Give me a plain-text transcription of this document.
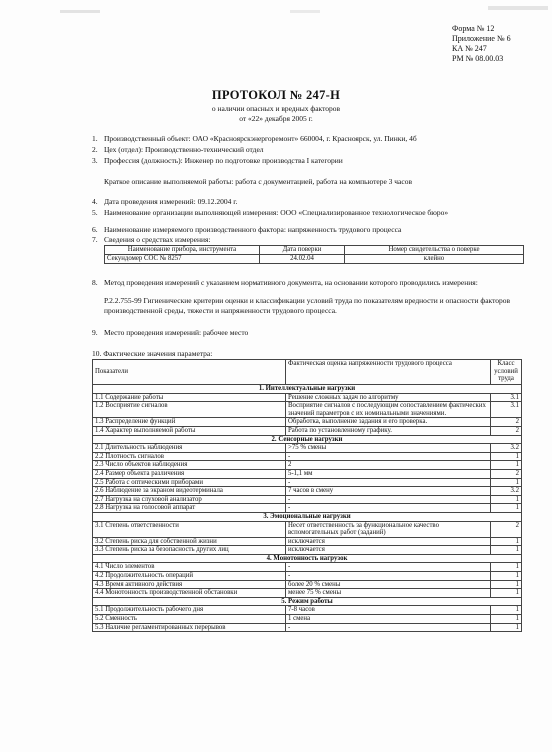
Форма № 12
Приложение № 6
КА № 247
РМ № 08.00.03
ПРОТОКОЛ № 247-Н
о наличии опасных и вредных факторов
от «22» декабря 2005 г.
1. Производственный объект: ОАО «Красноярскэнергоремонт» 660004, г. Красноярск, ул. Пинки, 4б
2. Цех (отдел): Производственно-технический отдел
3. Профессия (должность): Инженер по подготовке производства I категории
Краткое описание выполняемой работы: работа с документацией, работа на компьютере 3 часов
4. Дата проведения измерений: 09.12.2004 г.
5. Наименование организации выполняющей измерения: ООО «Специализированное технологическое бюро»
6. Наименование измеряемого производственного фактора: напряженность трудового процесса
7. Сведения о средствах измерения:
Наименование прибора, инструмента	Дата поверки	Номер свидетельства о поверке
Секундомер СОС № 8257	24.02.04	клейно
8. Метод проведения измерений с указанием нормативного документа, на основании которого проводились измерения:
Р.2.2.755-99 Гигиенические критерии оценки и классификации условий труда по показателям вредности и опасности факторов производственной среды, тяжести и напряженности трудового процесса.
9. Место проведения измерений: рабочее место
10. Фактические значения параметра:
Показатели	Фактическая оценка напряженности трудового процесса	Класс условий труда
1. Интеллектуальные нагрузки		
1.1 Содержание работы	Решение сложных задач по алгоритму	3.1
1.2 Восприятие сигналов	Восприятие сигналов с последующим сопоставлением фактических значений параметров с их номинальными значениями.	3.1
1.3 Распределение функций	Обработка, выполнение задания и его проверка.	2
1.4 Характер выполняемой работы	Работа по установленному графику.	2
2. Сенсорные нагрузки		
2.1 Длительность наблюдения	>75 % смены	3.2
2.2 Плотность сигналов	-	1
2.3 Число объектов наблюдения	2	1
2.4 Размер объекта различения	5-1,1 мм	2
2.5 Работа с оптическими приборами	-	1
2.6 Наблюдение за экраном видеотерминала	7 часов в смену	3.2
2.7 Нагрузка на слуховой анализатор	-	1
2.8 Нагрузка на голосовой аппарат	-	1
3. Эмоциональные нагрузки		
3.1 Степень ответственности	Несет ответственность за функциональное качество вспомогательных работ (заданий)	2
3.2 Степень риска для собственной жизни	исключается	1
3.3 Степень риска за безопасность других лиц	исключается	1
4. Монотонность нагрузок		
4.1 Число элементов	-	1
4.2 Продолжительность операций	-	1
4.3 Время активного действия	более 20 % смены	1
4.4 Монотонность производственной обстановки	менее 75 % смены	1
5. Режим работы		
5.1 Продолжительность рабочего дня	7-8 часов	1
5.2 Сменность	1 смена	1
5.3 Наличие регламентированных перерывов	-	1
